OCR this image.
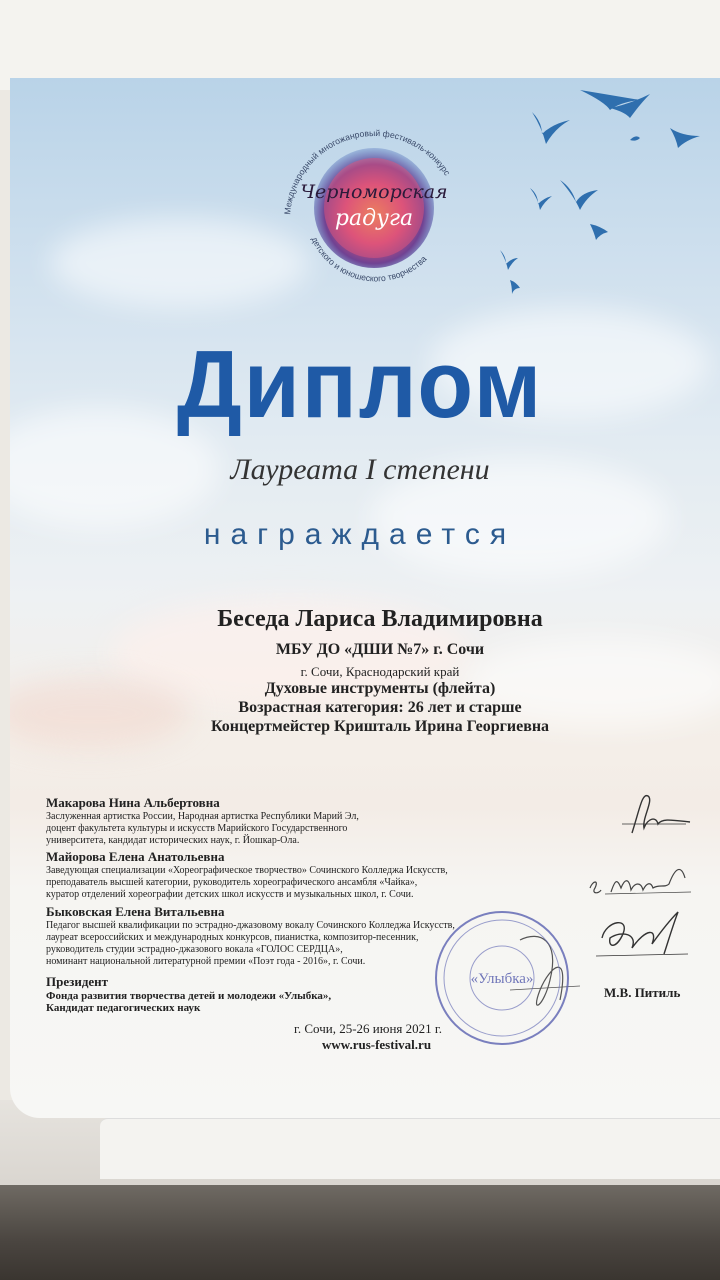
Международный многожанровый фестиваль-конкурс
детского и юношеского творчества
Черноморская
радуга
Диплом
Лауреата I степени
награждается
Беседа Лариса Владимировна
МБУ ДО «ДШИ №7» г. Сочи
г. Сочи, Краснодарский край
Духовые инструменты (флейта)
Возрастная категория: 26 лет и старше
Концертмейстер Кришталь Ирина Георгиевна
Макарова Нина Альбертовна
Заслуженная артистка России, Народная артистка Республики Марий Эл,
доцент факультета культуры и искусств Марийского Государственного
университета, кандидат исторических наук, г. Йошкар-Ола.
Майорова Елена Анатольевна
Заведующая специализации «Хореографическое творчество» Сочинского Колледжа Искусств,
преподаватель высшей категории, руководитель хореографического ансамбля «Чайка»,
куратор отделений хореографии детских школ искусств и музыкальных школ, г. Сочи.
Быковская Елена Витальевна
Педагог высшей квалификации по эстрадно-джазовому вокалу Сочинского Колледжа Искусств,
лауреат всероссийских и международных конкурсов, пианистка, композитор-песенник,
руководитель студии эстрадно-джазового вокала «ГОЛОС СЕРДЦА»,
номинант национальной литературной премии «Поэт года - 2016», г. Сочи.
Президент
Фонда развития творчества детей и молодежи «Улыбка»,
Кандидат педагогических наук
«Улыбка»
М.В. Питиль
г. Сочи, 25-26 июня 2021 г.
www.rus-festival.ru
